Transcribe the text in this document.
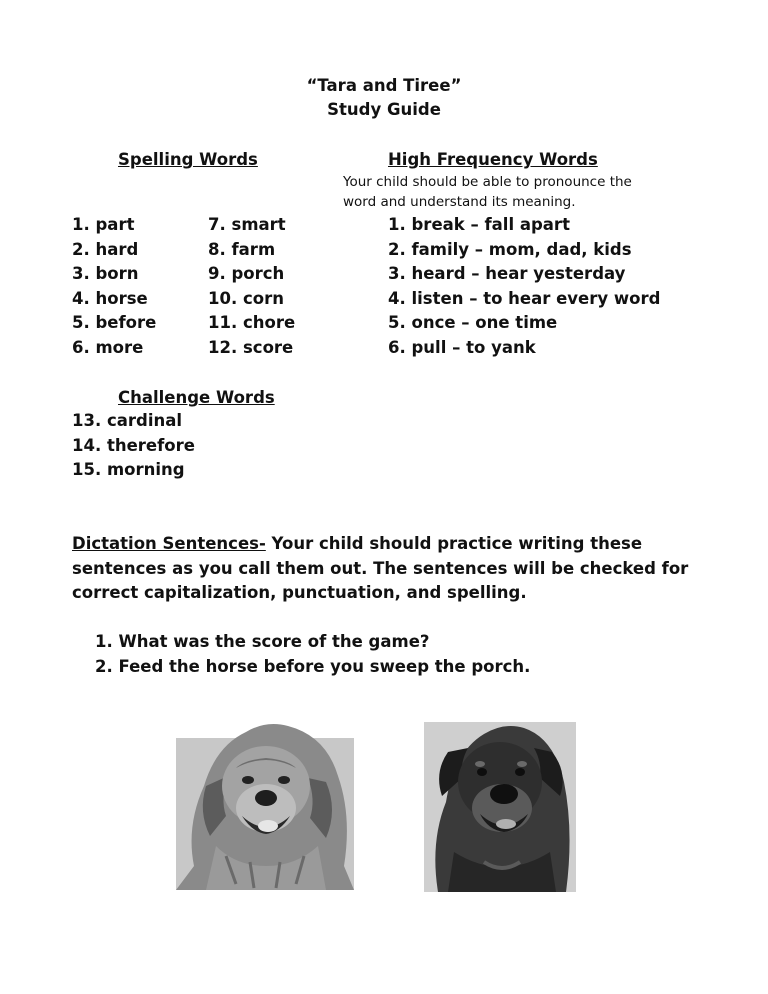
“Tara and Tiree”
Study Guide
Spelling Words
1. part
2. hard
3. born
4. horse
5. before
6. more
7. smart
8. farm
9. porch
10. corn
11. chore
12. score
High Frequency Words
Your child should be able to pronounce the
word and understand its meaning.
1. break – fall apart
2. family – mom, dad, kids
3. heard – hear yesterday
4. listen – to hear every word
5. once – one time
6. pull – to yank
Challenge Words
13. cardinal
14. therefore
15. morning
Dictation Sentences- Your child should practice writing these sentences as you call them out. The sentences will be checked for correct capitalization, punctuation, and spelling.
1. What was the score of the game?
2. Feed the horse before you sweep the porch.
